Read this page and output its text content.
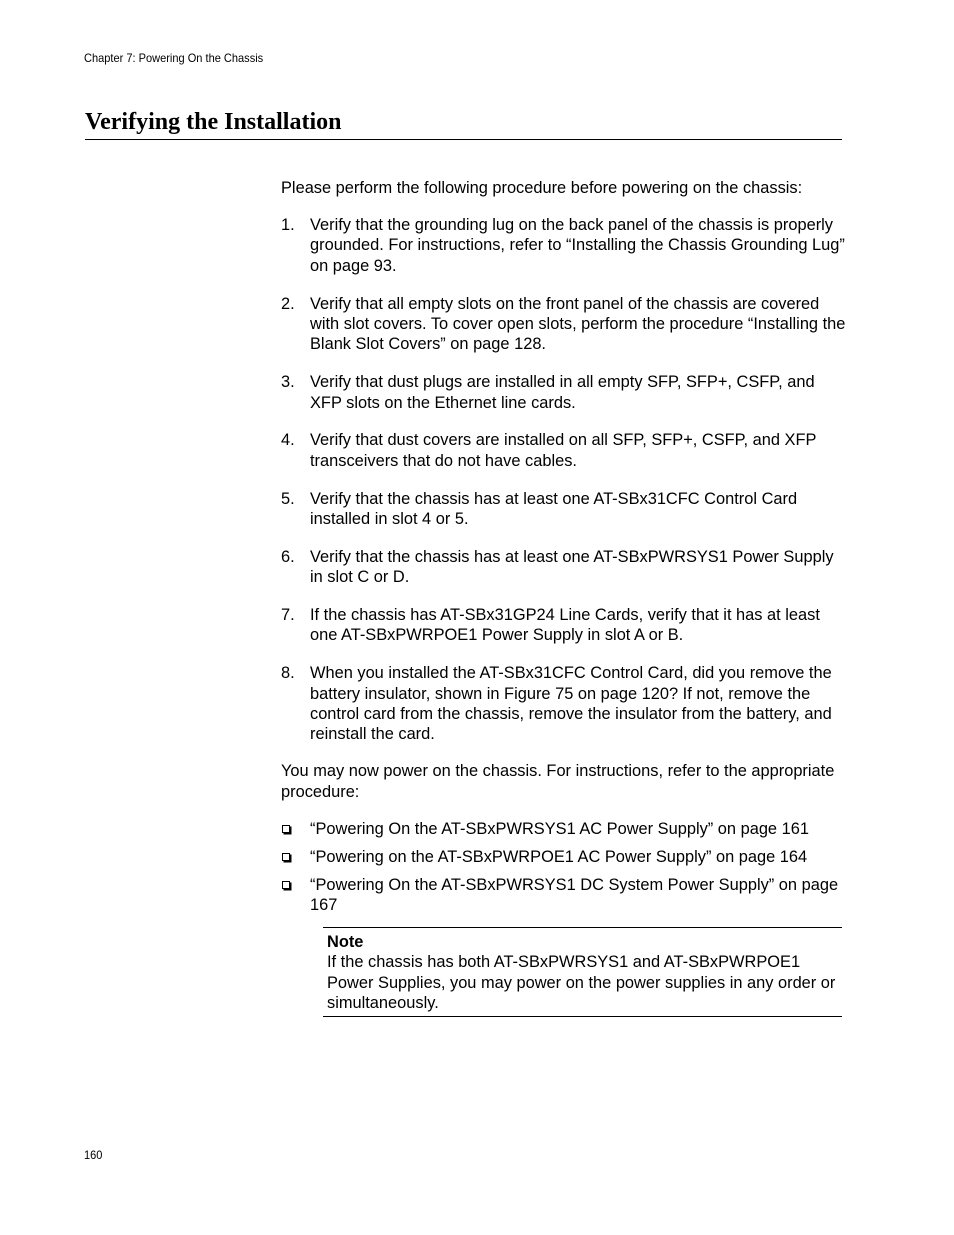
Chapter 7: Powering On the Chassis
Verifying the Installation

Please perform the following procedure before powering on the chassis:

1. Verify that the grounding lug on the back panel of the chassis is properly grounded. For instructions, refer to “Installing the Chassis Grounding Lug” on page 93.
2. Verify that all empty slots on the front panel of the chassis are covered with slot covers. To cover open slots, perform the procedure “Installing the Blank Slot Covers” on page 128.
3. Verify that dust plugs are installed in all empty SFP, SFP+, CSFP, and XFP slots on the Ethernet line cards.
4. Verify that dust covers are installed on all SFP, SFP+, CSFP, and XFP transceivers that do not have cables.
5. Verify that the chassis has at least one AT-SBx31CFC Control Card installed in slot 4 or 5.
6. Verify that the chassis has at least one AT-SBxPWRSYS1 Power Supply in slot C or D.
7. If the chassis has AT-SBx31GP24 Line Cards, verify that it has at least one AT-SBxPWRPOE1 Power Supply in slot A or B.
8. When you installed the AT-SBx31CFC Control Card, did you remove the battery insulator, shown in Figure 75 on page 120? If not, remove the control card from the chassis, remove the insulator from the battery, and reinstall the card.

You may now power on the chassis. For instructions, refer to the appropriate procedure:

“Powering On the AT-SBxPWRSYS1 AC Power Supply” on page 161
“Powering on the AT-SBxPWRPOE1 AC Power Supply” on page 164
“Powering On the AT-SBxPWRSYS1 DC System Power Supply” on page 167
Note

If the chassis has both AT-SBxPWRSYS1 and AT-SBxPWRPOE1 Power Supplies, you may power on the power supplies in any order or simultaneously.

160
